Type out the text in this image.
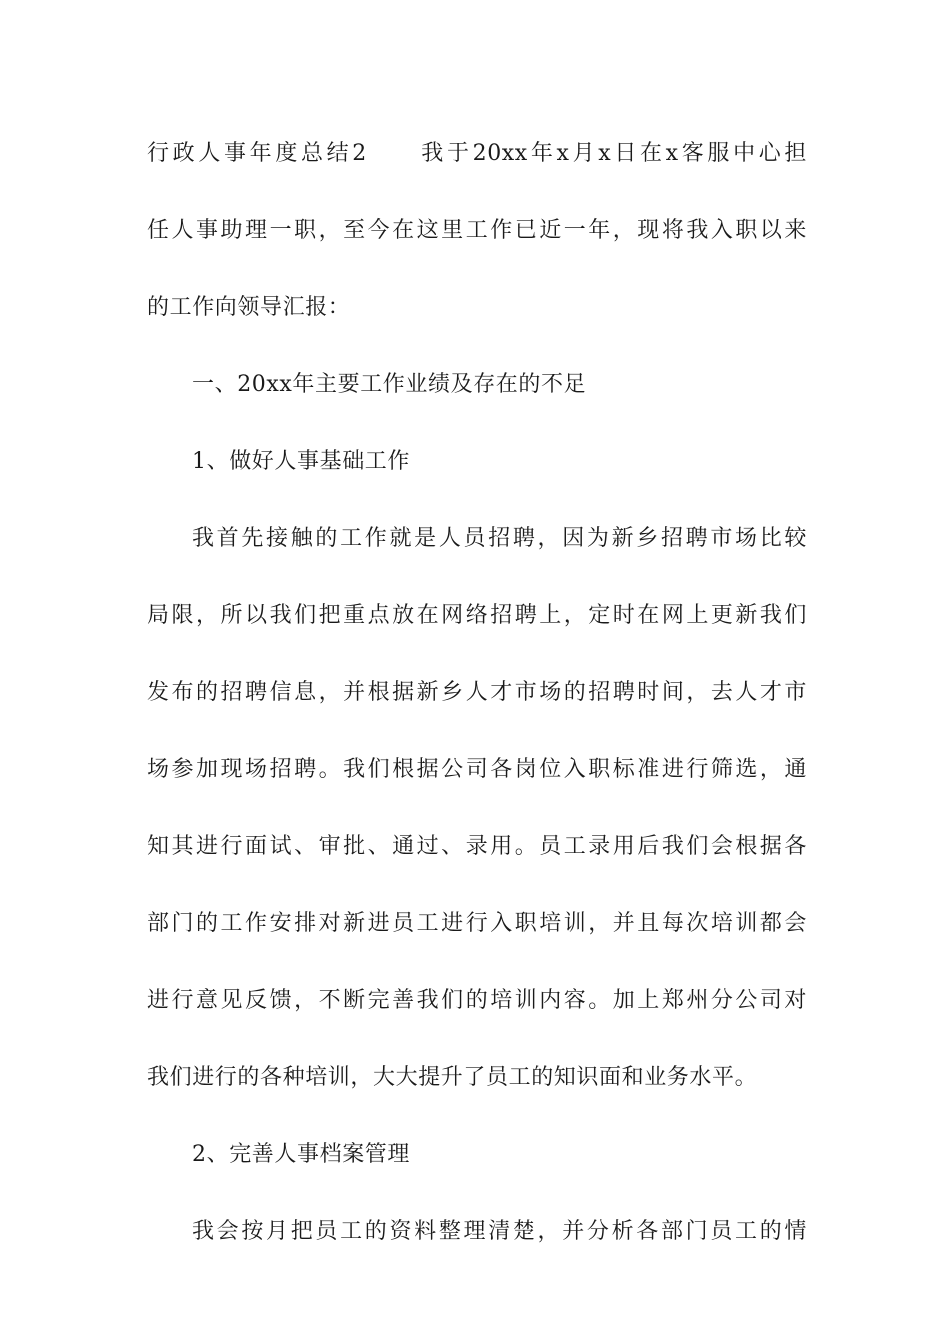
行政人事年度总结2　　我于20xx年x月x日在x客服中心担
任人事助理一职，至今在这里工作已近一年，现将我入职以来
的工作向领导汇报：
一、20xx年主要工作业绩及存在的不足
1、做好人事基础工作
我首先接触的工作就是人员招聘，因为新乡招聘市场比较
局限，所以我们把重点放在网络招聘上，定时在网上更新我们
发布的招聘信息，并根据新乡人才市场的招聘时间，去人才市
场参加现场招聘。我们根据公司各岗位入职标准进行筛选，通
知其进行面试、审批、通过、录用。员工录用后我们会根据各
部门的工作安排对新进员工进行入职培训，并且每次培训都会
进行意见反馈，不断完善我们的培训内容。加上郑州分公司对
我们进行的各种培训，大大提升了员工的知识面和业务水平。
2、完善人事档案管理
我会按月把员工的资料整理清楚，并分析各部门员工的情
